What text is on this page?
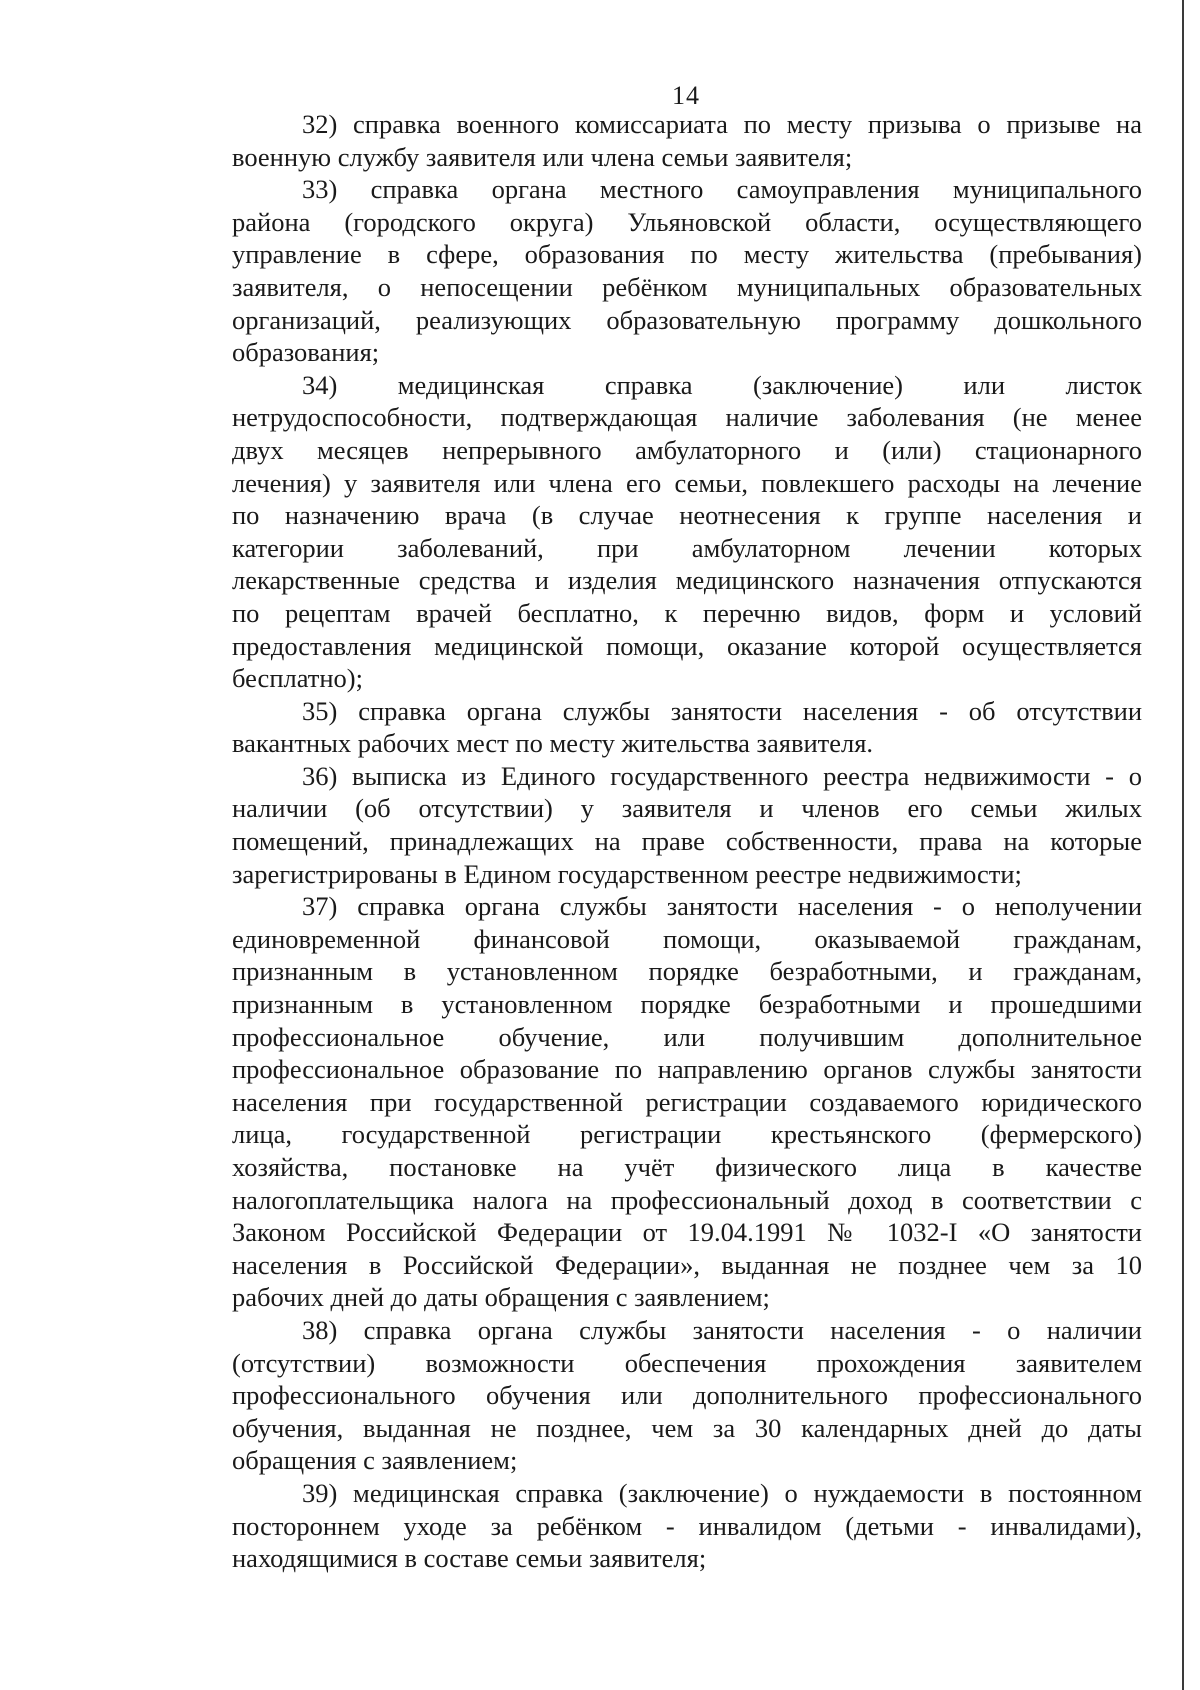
14
32) справка военного комиссариата по месту призыва о призыве на
военную службу заявителя или члена семьи заявителя;
33) справка органа местного самоуправления муниципального
района (городского округа) Ульяновской области, осуществляющего
управление в сфере, образования по месту жительства (пребывания)
заявителя, о непосещении ребёнком муниципальных образовательных
организаций, реализующих образовательную программу дошкольного
образования;
34) медицинская справка (заключение) или листок
нетрудоспособности, подтверждающая наличие заболевания (не менее
двух месяцев непрерывного амбулаторного и (или) стационарного
лечения) у заявителя или члена его семьи, повлекшего расходы на лечение
по назначению врача (в случае неотнесения к группе населения и
категории заболеваний, при амбулаторном лечении которых
лекарственные средства и изделия медицинского назначения отпускаются
по рецептам врачей бесплатно, к перечню видов, форм и условий
предоставления медицинской помощи, оказание которой осуществляется
бесплатно);
35) справка органа службы занятости населения - об отсутствии
вакантных рабочих мест по месту жительства заявителя.
36) выписка из Единого государственного реестра недвижимости - о
наличии (об отсутствии) у заявителя и членов его семьи жилых
помещений, принадлежащих на праве собственности, права на которые
зарегистрированы в Едином государственном реестре недвижимости;
37) справка органа службы занятости населения - о неполучении
единовременной финансовой помощи, оказываемой гражданам,
признанным в установленном порядке безработными, и гражданам,
признанным в установленном порядке безработными и прошедшими
профессиональное обучение, или получившим дополнительное
профессиональное образование по направлению органов службы занятости
населения при государственной регистрации создаваемого юридического
лица, государственной регистрации крестьянского (фермерского)
хозяйства, постановке на учёт физического лица в качестве
налогоплательщика налога на профессиональный доход в соответствии с
Законом Российской Федерации от 19.04.1991 № 1032-I «О занятости
населения в Российской Федерации», выданная не позднее чем за 10
рабочих дней до даты обращения с заявлением;
38) справка органа службы занятости населения - о наличии
(отсутствии) возможности обеспечения прохождения заявителем
профессионального обучения или дополнительного профессионального
обучения, выданная не позднее, чем за 30 календарных дней до даты
обращения с заявлением;
39) медицинская справка (заключение) о нуждаемости в постоянном
постороннем уходе за ребёнком - инвалидом (детьми - инвалидами),
находящимися в составе семьи заявителя;
